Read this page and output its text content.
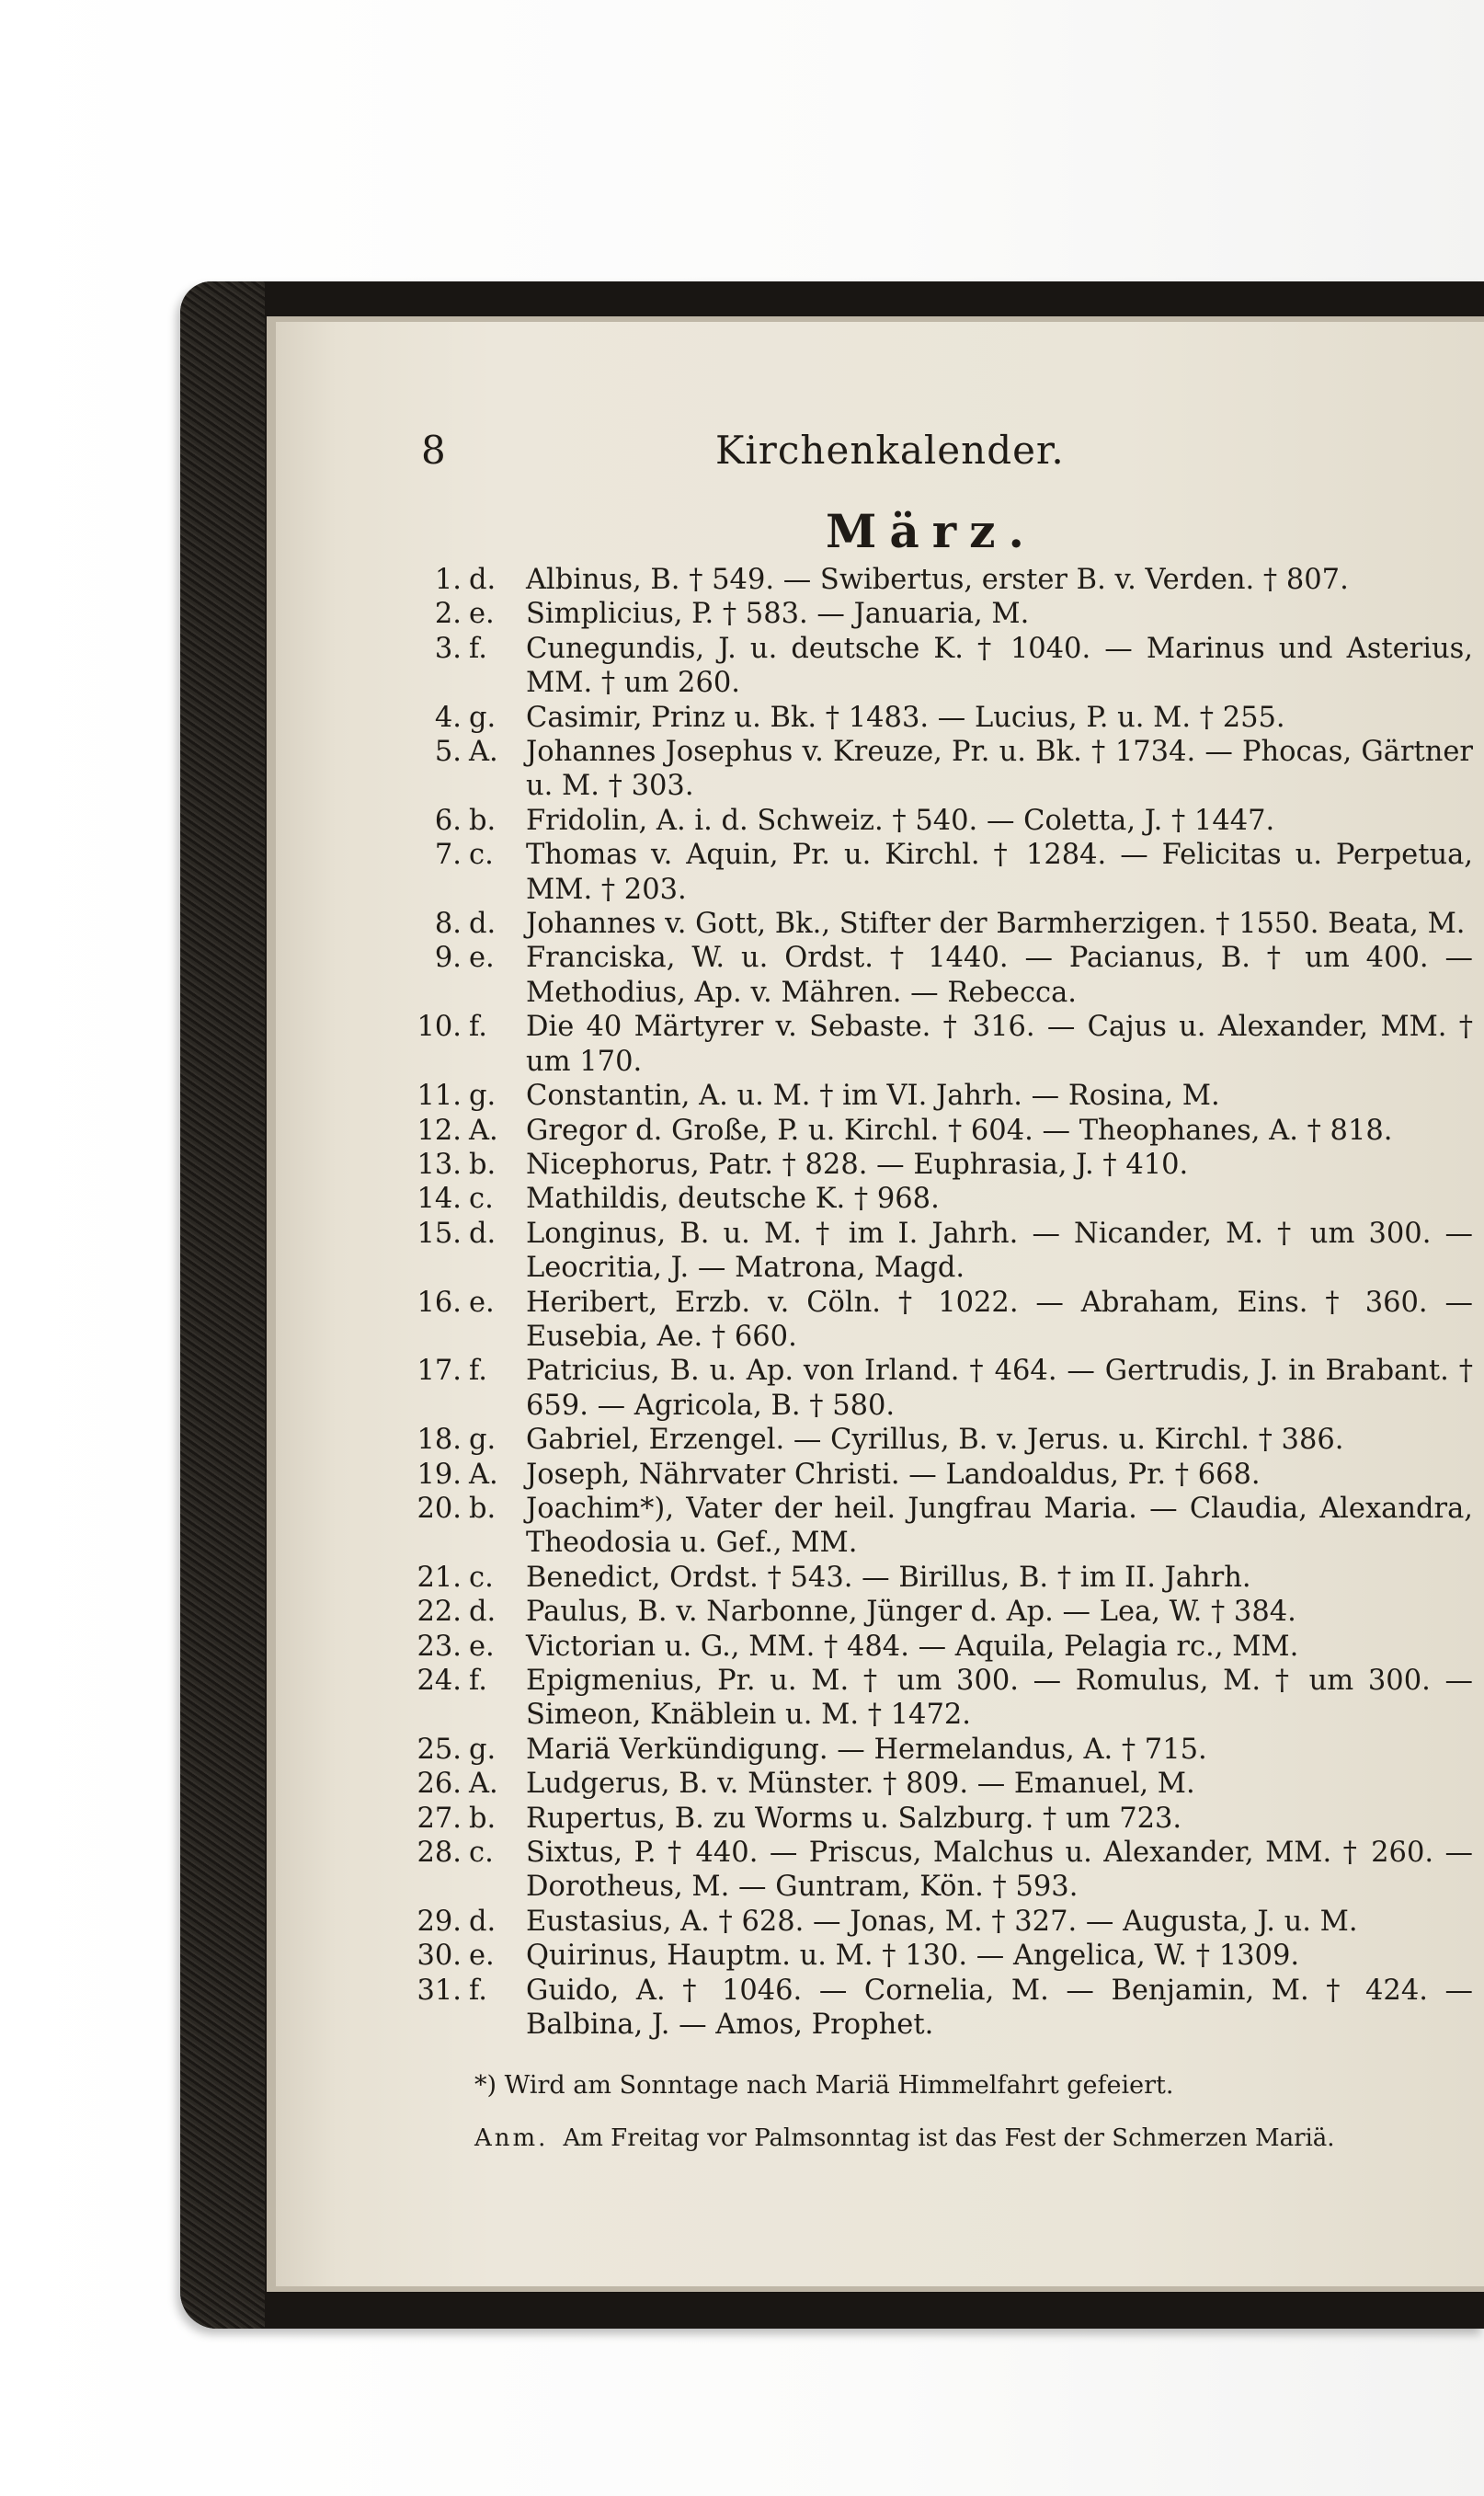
8	Kirchenkalender.
März.
1. d. Albinus, B. † 549. — Swibertus, erster B. v. Verden. † 807.
2. e. Simplicius, P. † 583. — Januaria, M.
3. f.	Cunegundis, J. u. deutsche K. † 1040. — Marinus und Asterius, MM. † um 260.
4. g. Casimir, Prinz u. Bk. † 1483. — Lucius, P. u. M. † 255.
5. A. Johannes Josephus v. Kreuze, Pr. u. Bk. † 1734. — Phocas, Gärtner u. M. † 303.
6. b. Fridolin, A. i. d. Schweiz. † 540. — Coletta, J. † 1447.
7. c. Thomas v. Aquin, Pr. u. Kirchl. † 1284. — Felicitas u. Perpetua, MM. † 203.
8. d. Johannes v. Gott, Bk., Stifter der Barmherzigen. † 1550. Beata, M.
9. e. Franciska, W. u. Ordst. † 1440. — Pacianus, B. † um 400. — Methodius, Ap. v. Mähren. — Rebecca.
10. f.	Die 40 Märtyrer v. Sebaste. † 316. — Cajus u. Alexander, MM. † um 170.
11. g. Constantin, A. u. M. † im VI. Jahrh. — Rosina, M.
12. A. Gregor d. Große, P. u. Kirchl. † 604. — Theophanes, A. † 818.
13. b. Nicephorus, Patr. † 828. — Euphrasia, J. † 410.
14. c. Mathildis, deutsche K. † 968.
15. d. Longinus, B. u. M. † im I. Jahrh. — Nicander, M. † um 300. — Leocritia, J. — Matrona, Magd.
16. e. Heribert, Erzb. v. Cöln. † 1022. — Abraham, Eins. † 360. — Eusebia, Ae. † 660.
17. f.	Patricius, B. u. Ap. von Irland. † 464. — Gertrudis, J. in Brabant. † 659. — Agricola, B. † 580.
18. g. Gabriel, Erzengel. — Cyrillus, B. v. Jerus. u. Kirchl. † 386.
19. A. Joseph, Nährvater Christi. — Landoaldus, Pr. † 668.
20. b. Joachim*), Vater der heil. Jungfrau Maria. — Claudia, Alexandra, Theodosia u. Gef., MM.
21. c. Benedict, Ordst. † 543. — Birillus, B. † im II. Jahrh.
22. d. Paulus, B. v. Narbonne, Jünger d. Ap. — Lea, W. † 384.
23. e. Victorian u. G., MM. † 484. — Aquila, Pelagia rc., MM.
24. f.	Epigmenius, Pr. u. M. † um 300. — Romulus, M. † um 300. — Simeon, Knäblein u. M. † 1472.
25. g. Mariä Verkündigung. — Hermelandus, A. † 715.
26. A. Ludgerus, B. v. Münster. † 809. — Emanuel, M.
27. b. Rupertus, B. zu Worms u. Salzburg. † um 723.
28. c. Sixtus, P. † 440. — Priscus, Malchus u. Alexander, MM. † 260. — Dorotheus, M. — Guntram, Kön. † 593.
29. d. Eustasius, A. † 628. — Jonas, M. † 327. — Augusta, J. u. M.
30. e. Quirinus, Hauptm. u. M. † 130. — Angelica, W. † 1309.
31. f.	Guido, A. † 1046. — Cornelia, M. — Benjamin, M. † 424. — Balbina, J. — Amos, Prophet.
*) Wird am Sonntage nach Mariä Himmelfahrt gefeiert.
Anm. Am Freitag vor Palmsonntag ist das Fest der Schmerzen Mariä.
